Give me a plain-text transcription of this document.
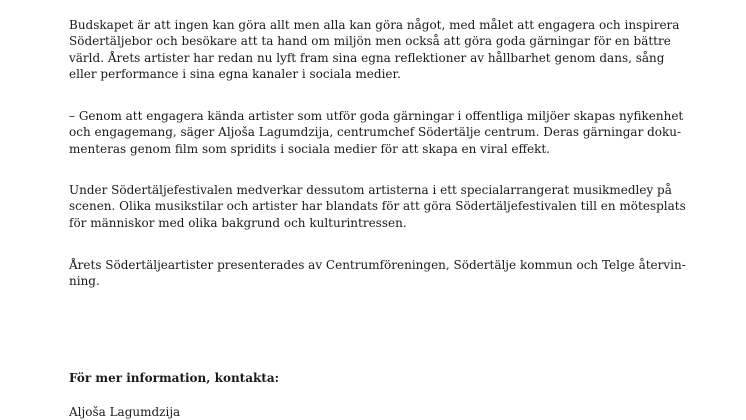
Budskapet är att ingen kan göra allt men alla kan göra något, med målet att engagera och inspirera
Södertäljebor och besökare att ta hand om miljön men också att göra goda gärningar för en bättre
värld. Årets artister har redan nu lyft fram sina egna reflektioner av hållbarhet genom dans, sång
eller performance i sina egna kanaler i sociala medier.

– Genom att engagera kända artister som utför goda gärningar i offentliga miljöer skapas nyfikenhet
och engagemang, säger Aljoša Lagumdzija, centrumchef Södertälje centrum. Deras gärningar doku-
menteras genom film som spridits i sociala medier för att skapa en viral effekt.

Under Södertäljefestivalen medverkar dessutom artisterna i ett specialarrangerat musikmedley på
scenen. Olika musikstilar och artister har blandats för att göra Södertäljefestivalen till en mötesplats
för människor med olika bakgrund och kulturintressen.

Årets Södertäljeartister presenterades av Centrumföreningen, Södertälje kommun och Telge återvin-
ning.

För mer information, kontakta:
Aljoša Lagumdzija
